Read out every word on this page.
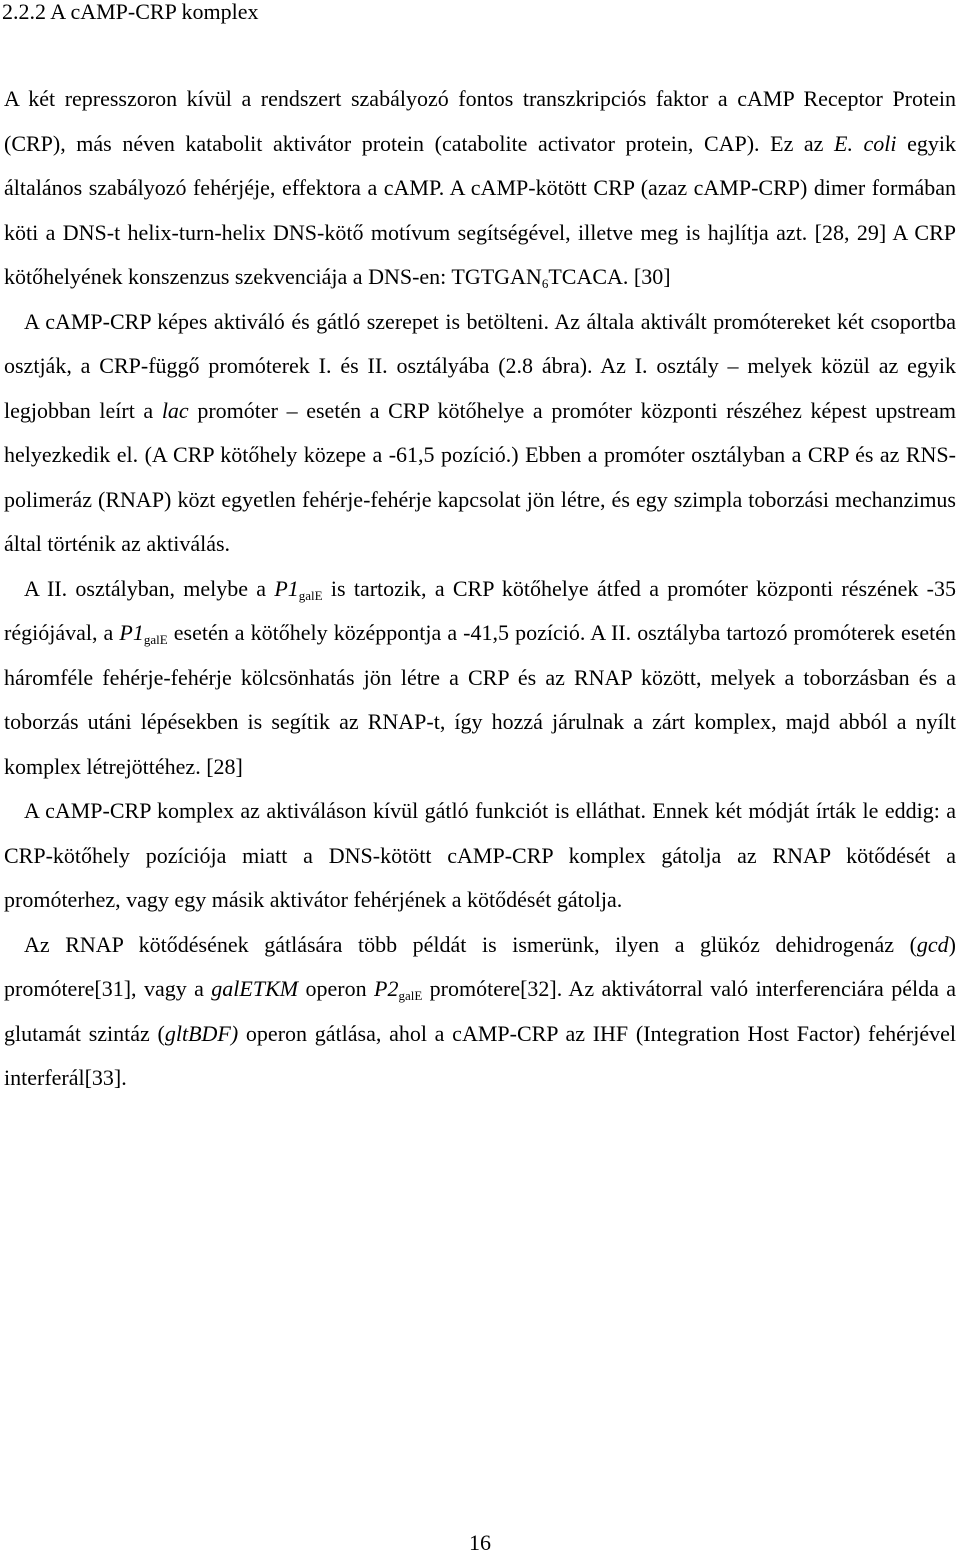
2.2.2 A cAMP-CRP komplex

A két represszoron kívül a rendszert szabályozó fontos transzkripciós faktor a cAMP Receptor Protein (CRP), más néven katabolit aktivátor protein (catabolite activator protein, CAP). Ez az E. coli egyik általános szabályozó fehérjéje, effektora a cAMP. A cAMP-kötött CRP (azaz cAMP-CRP) dimer formában köti a DNS-t helix-turn-helix DNS-kötő motívum segítségével, illetve meg is hajlítja azt. [28, 29] A CRP kötőhelyének konszenzus szekvenciája a DNS-en: $TGTGAN_6TCACA$. [30]

A cAMP-CRP képes aktiváló és gátló szerepet is betölteni. Az általa aktivált promótereket két csoportba osztják, a CRP-függő promóterek I. és II. osztályába (2.8 ábra). Az I. osztály – melyek közül az egyik legjobban leírt a lac promóter – esetén a CRP kötőhelye a promóter központi részéhez képest upstream helyezkedik el. (A CRP kötőhely közepe a -61,5 pozíció.) Ebben a promóter osztályban a CRP és az RNS-polimeráz (RNAP) közt egyetlen fehérje-fehérje kapcsolat jön létre, és egy szimpla toborzási mechanzimus által történik az aktiválás.

A II. osztályban, melybe a $P1_{galE}$ is tartozik, a CRP kötőhelye átfed a promóter központi részének -35 régiójával, a $P1_{galE}$ esetén a kötőhely középpontja a -41,5 pozíció. A II. osztályba tartozó promóterek esetén háromféle fehérje-fehérje kölcsönhatás jön létre a CRP és az RNAP között, melyek a toborzásban és a toborzás utáni lépésekben is segítik az RNAP-t, így hozzá járulnak a zárt komplex, majd abból a nyílt komplex létrejöttéhez. [28]

A cAMP-CRP komplex az aktiváláson kívül gátló funkciót is elláthat. Ennek két módját írták le eddig: a CRP-kötőhely pozíciója miatt a DNS-kötött cAMP-CRP komplex gátolja az RNAP kötődését a promóterhez, vagy egy másik aktivátor fehérjének a kötődését gátolja.

Az RNAP kötődésének gátlására több példát is ismerünk, ilyen a glükóz dehidrogenáz (gcd) promótere[31], vagy a galETKM operon $P2_{galE}$ promótere[32]. Az aktivátorral való interferenciára példa a glutamát szintáz (gltBDF) operon gátlása, ahol a cAMP-CRP az IHF (Integration Host Factor) fehérjével interferál[33].

16
